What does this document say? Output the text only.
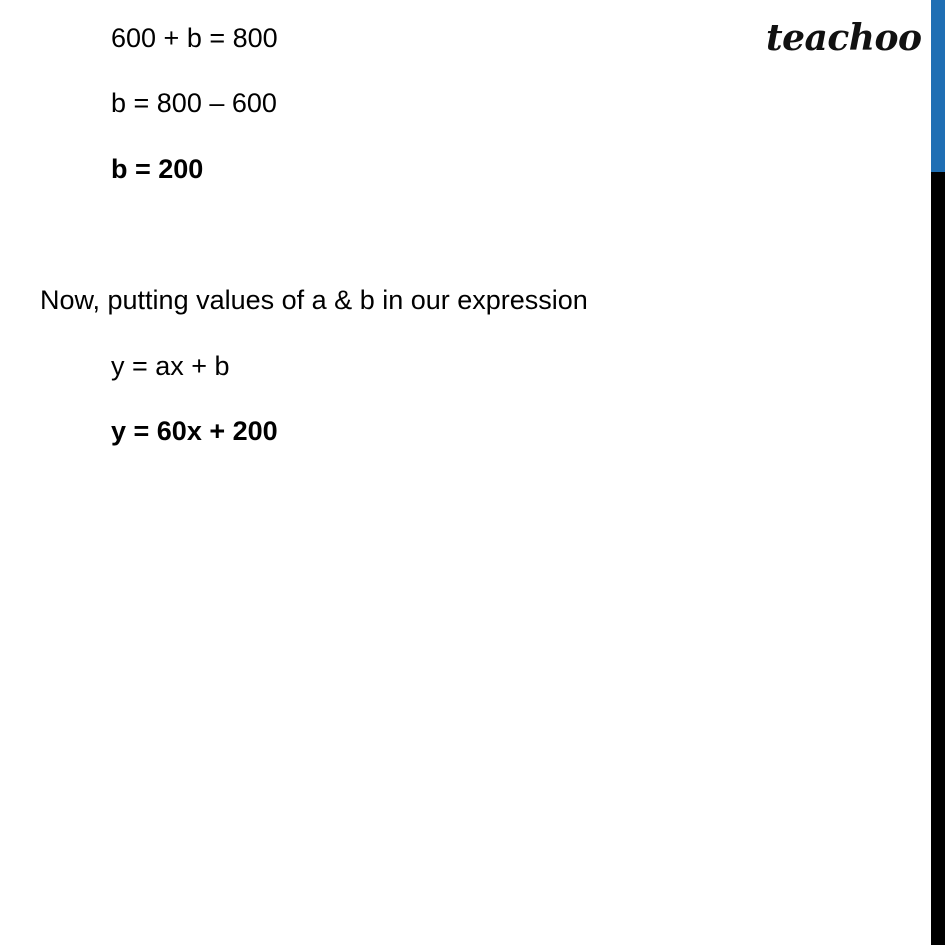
teachoo
600 + b = 800
b = 800 – 600
b = 200
Now, putting values of a & b in our expression
y = ax + b
y = 60x + 200
